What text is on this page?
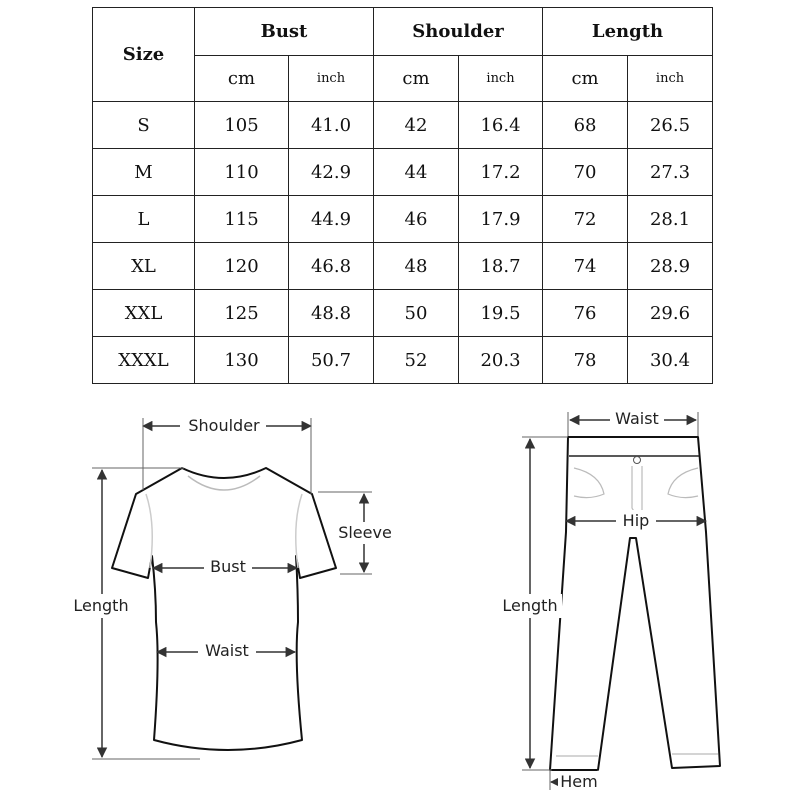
Size	Bust		Shoulder		Length	
	cm	inch	cm	inch	cm	inch
S	105	41.0	42	16.4	68	26.5
M	110	42.9	44	17.2	70	27.3
L	115	44.9	46	17.9	72	28.1
XL	120	46.8	48	18.7	74	28.9
XXL	125	48.8	50	19.5	76	29.6
XXXL	130	50.7	52	20.3	78	30.4
Shoulder
Sleeve
Length
Bust
Waist
Waist
Hip
Length
Hem
